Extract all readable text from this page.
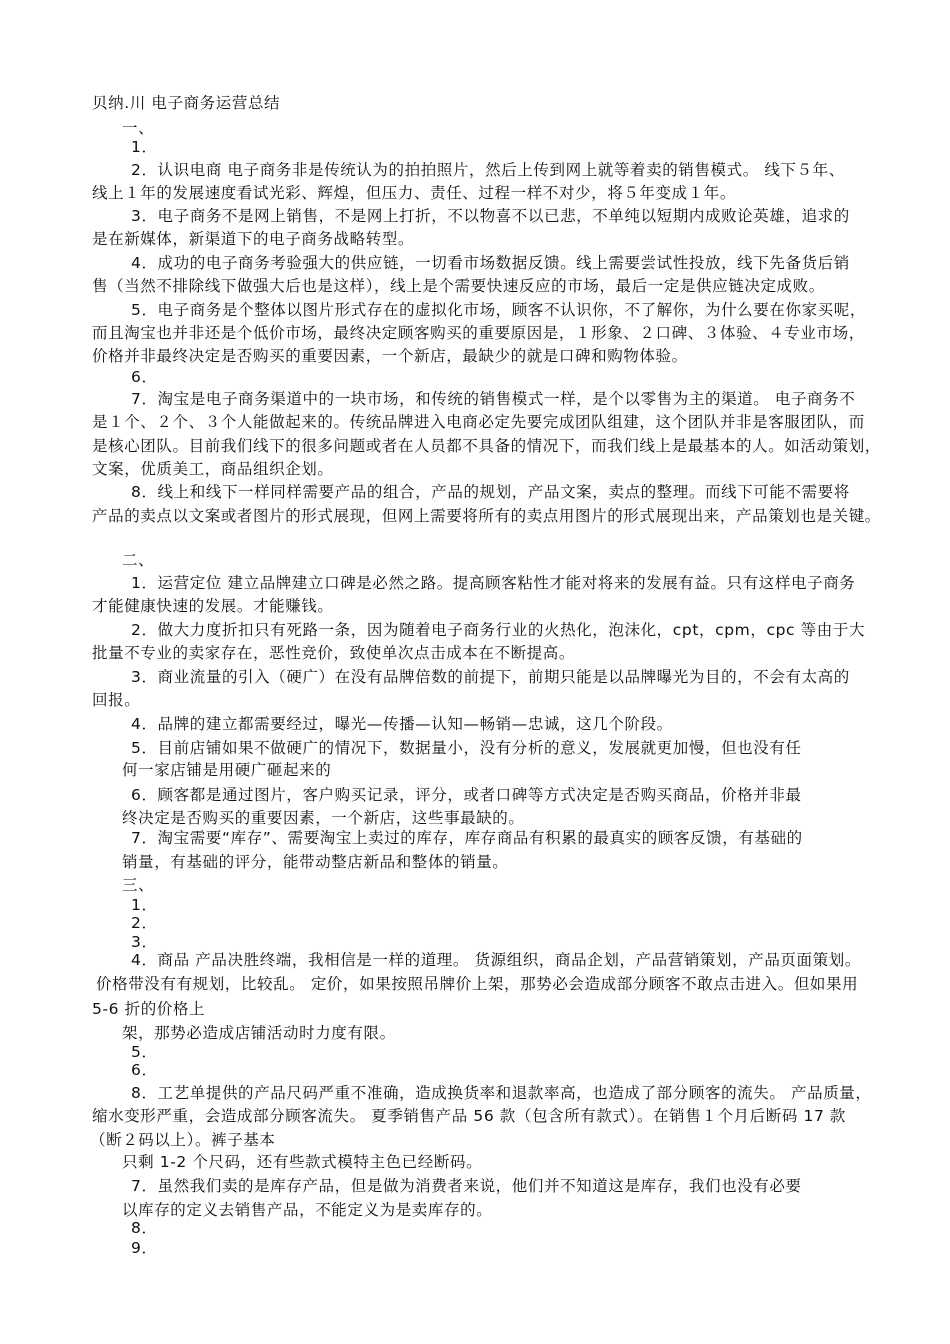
贝纳.川 电子商务运营总结
一、
1．
2．认识电商 电子商务非是传统认为的拍拍照片，然后上传到网上就等着卖的销售模式。 线下５年、
线上１年的发展速度看试光彩、辉煌，但压力、责任、过程一样不对少，将５年变成１年。
3．电子商务不是网上销售，不是网上打折，不以物喜不以已悲，不单纯以短期内成败论英雄，追求的
是在新媒体，新渠道下的电子商务战略转型。
4．成功的电子商务考验强大的供应链，一切看市场数据反馈。线上需要尝试性投放，线下先备货后销
售（当然不排除线下做强大后也是这样），线上是个需要快速反应的市场，最后一定是供应链决定成败。
5．电子商务是个整体以图片形式存在的虚拟化市场，顾客不认识你，不了解你，为什么要在你家买呢，
而且淘宝也并非还是个低价市场，最终决定顾客购买的重要原因是，１形象、２口碑、３体验、４专业市场，
价格并非最终决定是否购买的重要因素，一个新店，最缺少的就是口碑和购物体验。
6．
7．淘宝是电子商务渠道中的一块市场，和传统的销售模式一样，是个以零售为主的渠道。 电子商务不
是１个、２个、３个人能做起来的。传统品牌进入电商必定先要完成团队组建，这个团队并非是客服团队，而
是核心团队。目前我们线下的很多问题或者在人员都不具备的情况下，而我们线上是最基本的人。如活动策划，
文案，优质美工，商品组织企划。
8．线上和线下一样同样需要产品的组合，产品的规划，产品文案，卖点的整理。而线下可能不需要将
产品的卖点以文案或者图片的形式展现，但网上需要将所有的卖点用图片的形式展现出来，产品策划也是关键。
二、
1．运营定位 建立品牌建立口碑是必然之路。提高顾客粘性才能对将来的发展有益。只有这样电子商务
才能健康快速的发展。才能赚钱。
2．做大力度折扣只有死路一条，因为随着电子商务行业的火热化，泡沫化，cpt，cpm，cpc 等由于大
批量不专业的卖家存在，恶性竞价，致使单次点击成本在不断提高。
3．商业流量的引入（硬广）在没有品牌倍数的前提下，前期只能是以品牌曝光为目的，不会有太高的
回报。
4．品牌的建立都需要经过，曝光—传播—认知—畅销—忠诚，这几个阶段。
5．目前店铺如果不做硬广的情况下，数据量小，没有分析的意义，发展就更加慢，但也没有任
何一家店铺是用硬广砸起来的
6．顾客都是通过图片，客户购买记录，评分，或者口碑等方式决定是否购买商品，价格并非最
终决定是否购买的重要因素，一个新店，这些事最缺的。
7．淘宝需要“库存”、需要淘宝上卖过的库存，库存商品有积累的最真实的顾客反馈，有基础的
销量，有基础的评分，能带动整店新品和整体的销量。
三、
1．
2．
3．
4．商品 产品决胜终端，我相信是一样的道理。 货源组织，商品企划，产品营销策划，产品页面策划。
价格带没有有规划，比较乱。 定价，如果按照吊牌价上架，那势必会造成部分顾客不敢点击进入。但如果用
5-6 折的价格上
架，那势必造成店铺活动时力度有限。
5．
6．
8．工艺单提供的产品尺码严重不准确，造成换货率和退款率高，也造成了部分顾客的流失。 产品质量，
缩水变形严重，会造成部分顾客流失。 夏季销售产品 56 款（包含所有款式）。在销售１个月后断码 17 款
（断２码以上）。裤子基本
只剩 1-2 个尺码，还有些款式模特主色已经断码。
7．虽然我们卖的是库存产品，但是做为消费者来说，他们并不知道这是库存，我们也没有必要
以库存的定义去销售产品，不能定义为是卖库存的。
8．
9．
